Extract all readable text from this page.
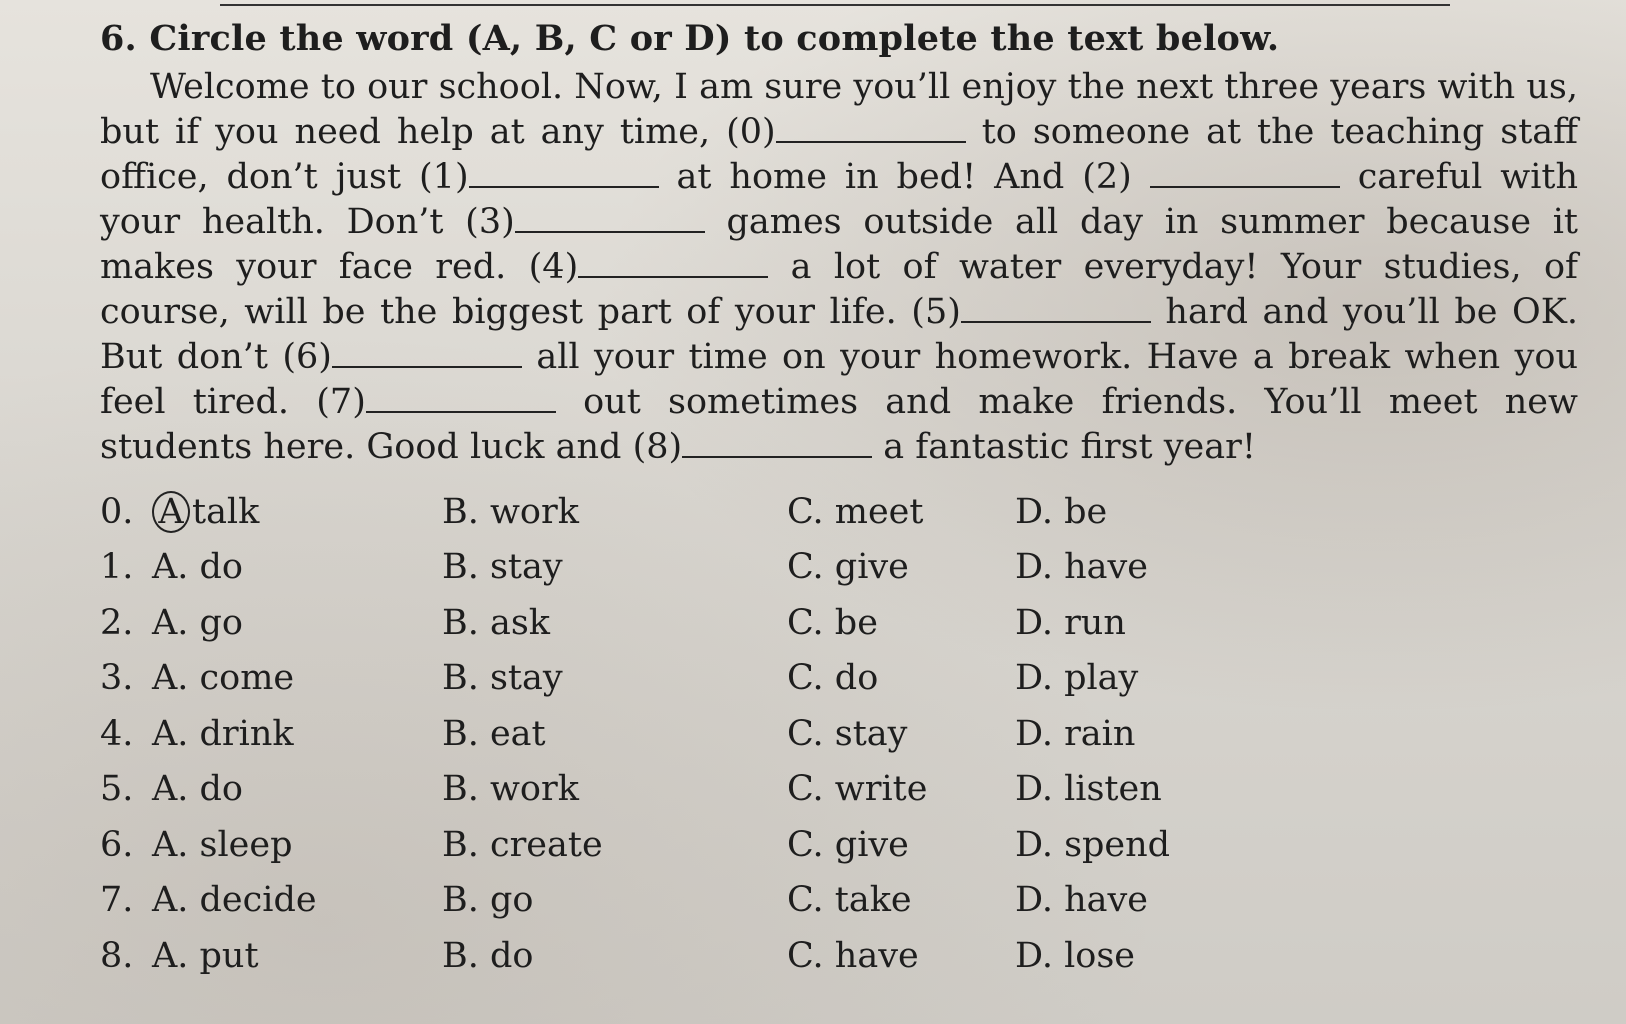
6. Circle the word (A, B, C or D) to complete the text below.

Welcome to our school. Now, I am sure you’ll enjoy the next three years with us, but if you need help at any time, (0)	to someone at the teaching staff office, don’t just (1)	at home in bed! And (2)	careful with your health. Don’t (3)	games outside all day in summer because it makes your face red. (4)	a lot of water everyday! Your studies, of course, will be the biggest part of your life. (5)	hard and you’ll be OK. But don’t (6)	all your time on your homework. Have a break when you feel tired. (7)	out sometimes and make friends. You’ll meet new students here. Good luck and (8)	a fantastic first year!

0. A talk	B. work	C. meet	D. be
1. A. do	B. stay	C. give	D. have
2. A. go	B. ask	C. be	D. run
3. A. come	B. stay	C. do	D. play
4. A. drink	B. eat	C. stay	D. rain
5. A. do	B. work	C. write	D. listen
6. A. sleep	B. create	C. give	D. spend
7. A. decide	B. go	C. take	D. have
8. A. put	B. do	C. have	D. lose
